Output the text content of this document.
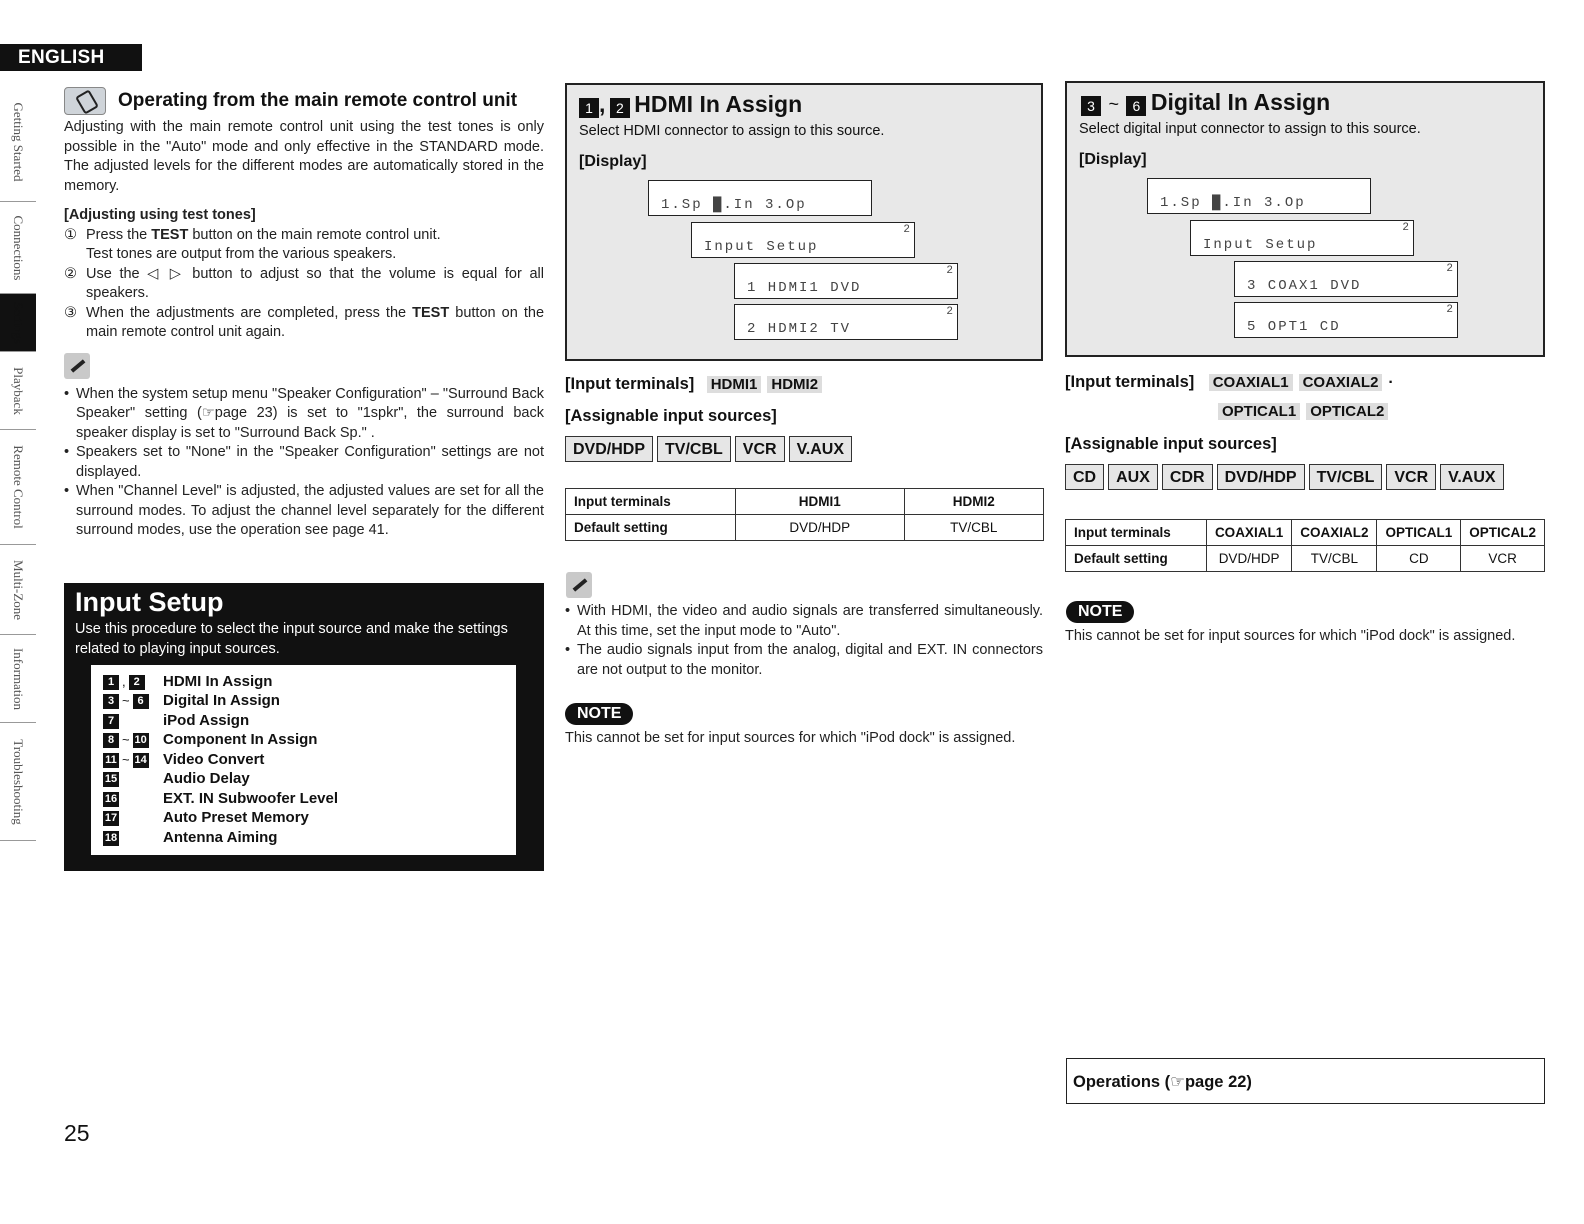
ENGLISH
Getting Started
Connections
Settings
Playback
Remote Control
Multi-Zone
Information
Troubleshooting
Operating from the main remote control unit

Adjusting with the main remote control unit using the test tones is only possible in the "Auto" mode and only effective in the STANDARD mode. The adjusted levels for the different modes are automatically stored in the memory.

[Adjusting using test tones]

① Press the TEST button on the main remote control unit.
Test tones are output from the various speakers.
② Use the ◁ ▷ button to adjust so that the volume is equal for all speakers.
③ When the adjustments are completed, press the TEST button on the main remote control unit again.
• When the system setup menu "Speaker Configuration" – "Surround Back Speaker" setting (☞page 23) is set to "1spkr", the surround back speaker display is set to "Surround Back Sp." .
• Speakers set to "None" in the "Speaker Configuration" settings are not displayed.
• When "Channel Level" is adjusted, the adjusted values are set for all the surround modes. To adjust the channel level separately for the different surround modes, use the operation see page 41.
Input Setup
Use this procedure to select the input source and make the settings related to playing input sources.
1 , 2	HDMI In Assign
3 ~ 6	Digital In Assign
7	iPod Assign
8 ~ 10	Component In Assign
11 ~ 14	Video Convert
15	Audio Delay
16	EXT. IN Subwoofer Level
17	Auto Preset Memory
18	Antenna Aiming
1 , 2 HDMI In Assign
Select HDMI connector to assign to this source.
[Display]
1.Sp █.In 3.Op
Input Setup
2
1 HDMI1 DVD
2
2 HDMI2 TV
2
[Input terminals] HDMI1 HDMI2
[Assignable input sources]
DVD/HDP	TV/CBL	VCR	V.AUX
Input terminals	HDMI1	HDMI2
Default setting	DVD/HDP	TV/CBL
• With HDMI, the video and audio signals are transferred simultaneously. At this time, set the input mode to "Auto".
• The audio signals input from the analog, digital and EXT. IN connectors are not output to the monitor.
NOTE
This cannot be set for input sources for which "iPod dock" is assigned.
3 ~ 6 Digital In Assign
Select digital input connector to assign to this source.
[Display]
1.Sp █.In 3.Op
Input Setup
2
3 COAX1 DVD
2
5 OPT1 CD
2
[Input terminals] COAXIAL1 COAXIAL2 ·
OPTICAL1 OPTICAL2
[Assignable input sources]
CD	AUX	CDR	DVD/HDP	TV/CBL	VCR	V.AUX
Input terminals	COAXIAL1	COAXIAL2	OPTICAL1	OPTICAL2
Default setting	DVD/HDP	TV/CBL	CD	VCR
NOTE
This cannot be set for input sources for which "iPod dock" is assigned.
Operations (☞page 22)
25
